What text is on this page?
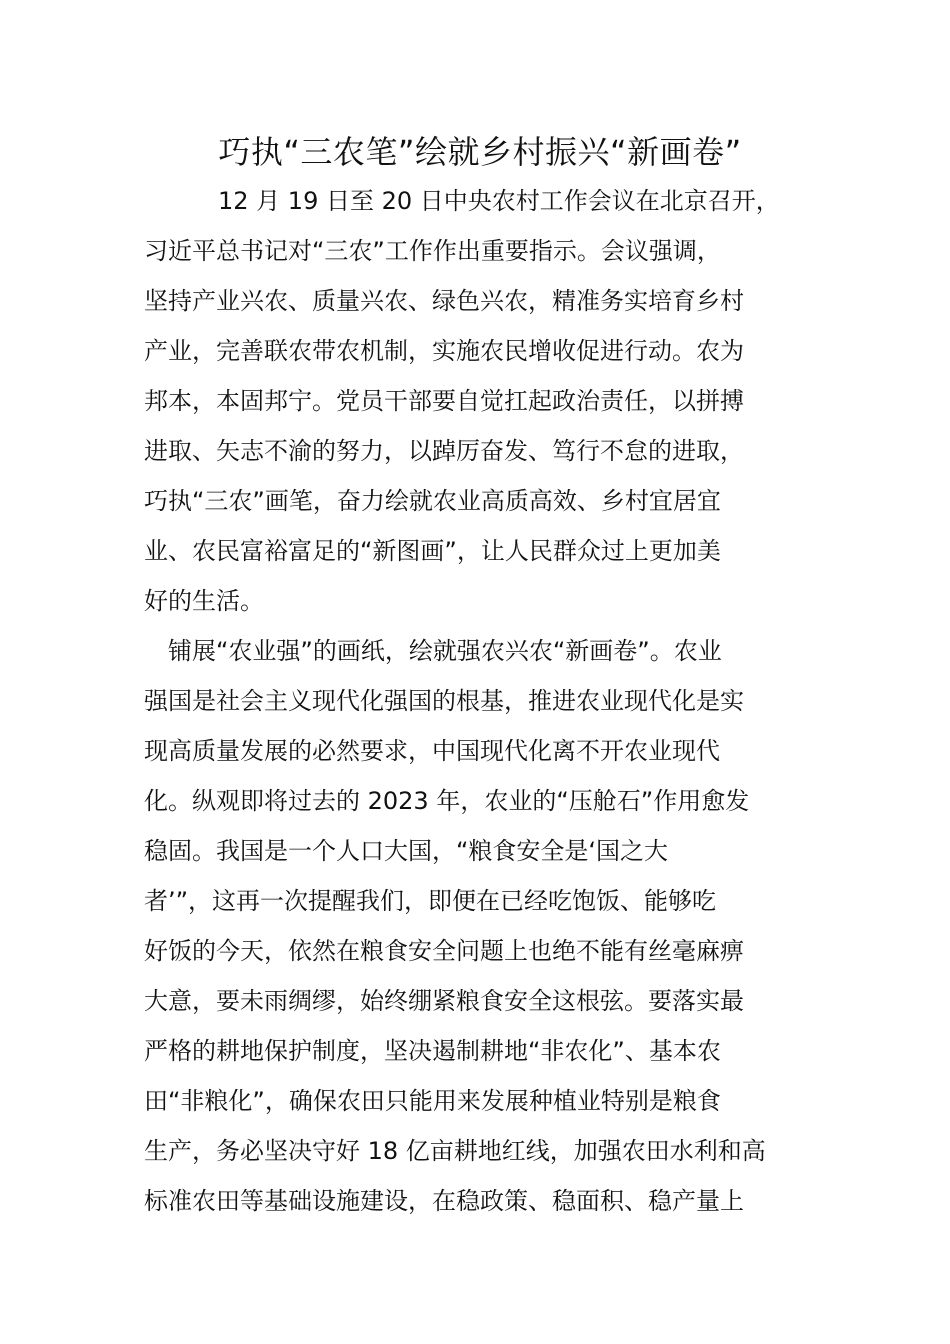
巧执“三农笔”绘就乡村振兴“新画卷”
12 月 19 日至 20 日中央农村工作会议在北京召开，
习近平总书记对“三农”工作作出重要指示。会议强调，
坚持产业兴农、质量兴农、绿色兴农，精准务实培育乡村
产业，完善联农带农机制，实施农民增收促进行动。农为
邦本，本固邦宁。党员干部要自觉扛起政治责任，以拼搏
进取、矢志不渝的努力，以踔厉奋发、笃行不怠的进取，
巧执“三农”画笔，奋力绘就农业高质高效、乡村宜居宜
业、农民富裕富足的“新图画”，让人民群众过上更加美
好的生活。
铺展“农业强”的画纸，绘就强农兴农“新画卷”。农业
强国是社会主义现代化强国的根基，推进农业现代化是实
现高质量发展的必然要求，中国现代化离不开农业现代
化。纵观即将过去的 2023 年，农业的“压舱石”作用愈发
稳固。我国是一个人口大国，“粮食安全是‘国之大
者’”，这再一次提醒我们，即便在已经吃饱饭、能够吃
好饭的今天，依然在粮食安全问题上也绝不能有丝毫麻痹
大意，要未雨绸缪，始终绷紧粮食安全这根弦。要落实最
严格的耕地保护制度，坚决遏制耕地“非农化”、基本农
田“非粮化”，确保农田只能用来发展种植业特别是粮食
生产，务必坚决守好 18 亿亩耕地红线，加强农田水利和高
标准农田等基础设施建设，在稳政策、稳面积、稳产量上
